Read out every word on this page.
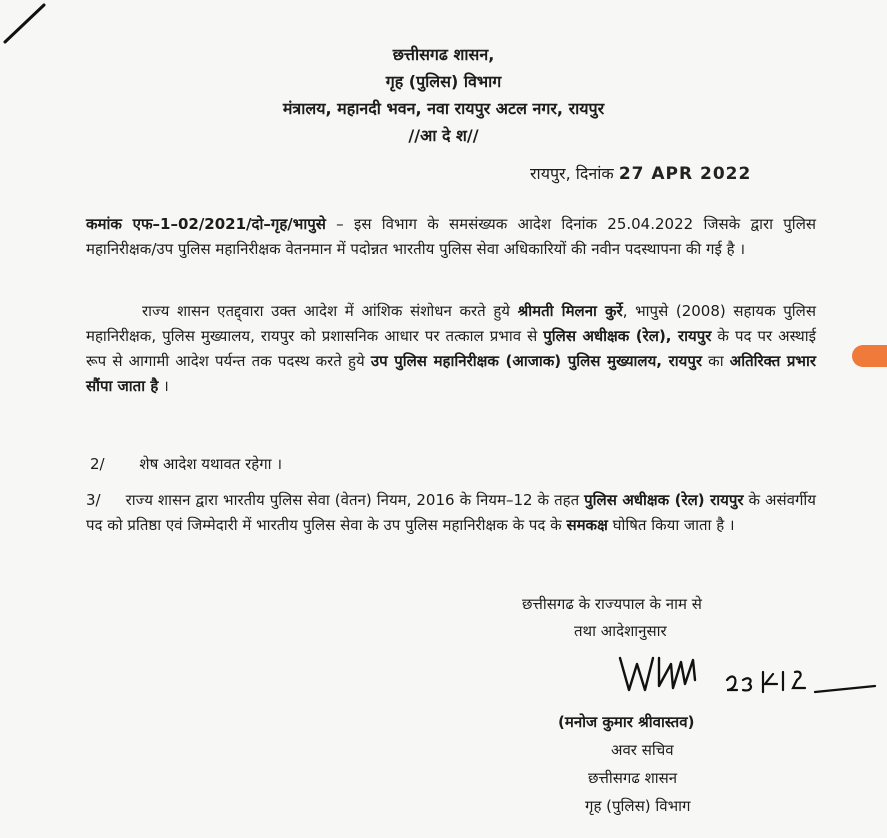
छत्तीसगढ शासन,
गृह (पुलिस) विभाग
मंत्रालय, महानदी भवन, नवा रायपुर अटल नगर, रायपुर
//आ दे श//
रायपुर, दिनांक 27 APR 2022
कमांक एफ–1–02/2021/दो–गृह/भापुसे – इस विभाग के समसंख्यक आदेश दिनांक 25.04.2022 जिसके द्वारा पुलिस महानिरीक्षक/उप पुलिस महानिरीक्षक वेतनमान में पदोन्नत भारतीय पुलिस सेवा अधिकारियों की नवीन पदस्थापना की गई है ।
राज्य शासन एतद्द्वारा उक्त आदेश में आंशिक संशोधन करते हुये श्रीमती मिलना कुर्रे, भापुसे (2008) सहायक पुलिस महानिरीक्षक, पुलिस मुख्यालय, रायपुर को प्रशासनिक आधार पर तत्काल प्रभाव से पुलिस अधीक्षक (रेल), रायपुर के पद पर अस्थाई रूप से आगामी आदेश पर्यन्त तक पदस्थ करते हुये उप पुलिस महानिरीक्षक (आजाक) पुलिस मुख्यालय, रायपुर का अतिरिक्त प्रभार सौंपा जाता है ।
2/ शेष आदेश यथावत रहेगा ।
3/ राज्य शासन द्वारा भारतीय पुलिस सेवा (वेतन) नियम, 2016 के नियम–12 के तहत पुलिस अधीक्षक (रेल) रायपुर के असंवर्गीय पद को प्रतिष्ठा एवं जिम्मेदारी में भारतीय पुलिस सेवा के उप पुलिस महानिरीक्षक के पद के समकक्ष घोषित किया जाता है ।
छत्तीसगढ के राज्यपाल के नाम से
तथा आदेशानुसार
(मनोज कुमार श्रीवास्तव)
अवर सचिव
छत्तीसगढ शासन
गृह (पुलिस) विभाग
